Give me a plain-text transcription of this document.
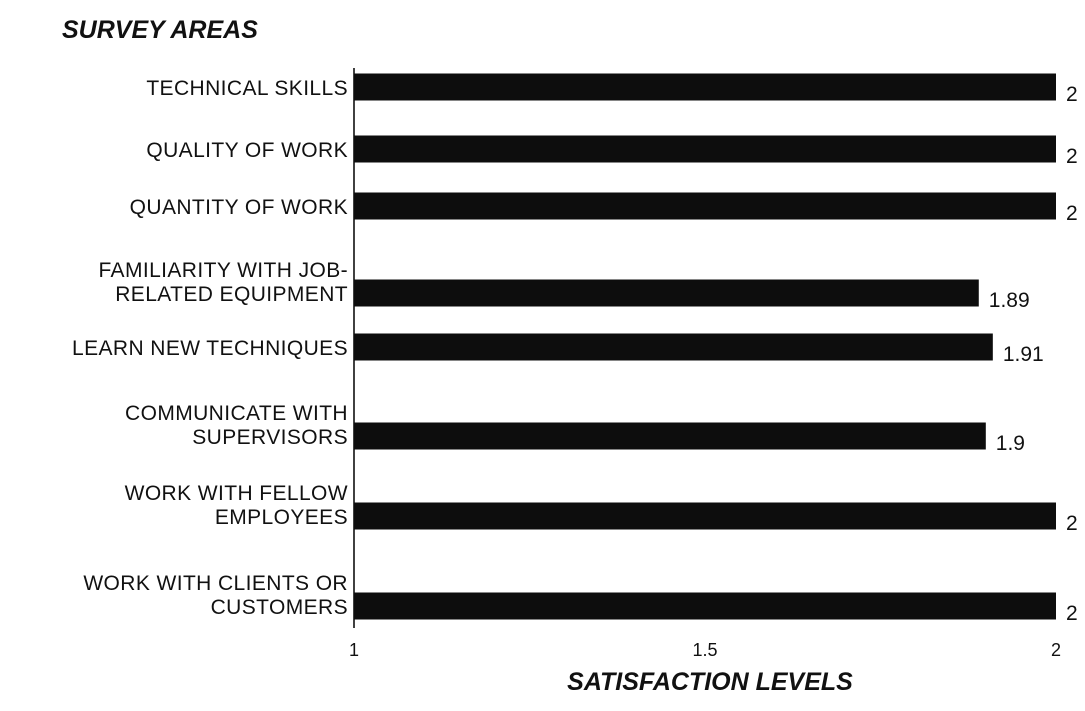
SURVEY AREAS
TECHNICAL SKILLS
QUALITY OF WORK
QUANTITY OF WORK
FAMILIARITY WITH JOB-RELATED EQUIPMENT
LEARN NEW TECHNIQUES
COMMUNICATE WITH SUPERVISORS
WORK WITH FELLOW EMPLOYEES
WORK WITH CLIENTS OR CUSTOMERS
2
2
2
1.89
1.91
1.9
2
2
1	1.5	2
SATISFACTION LEVELS
